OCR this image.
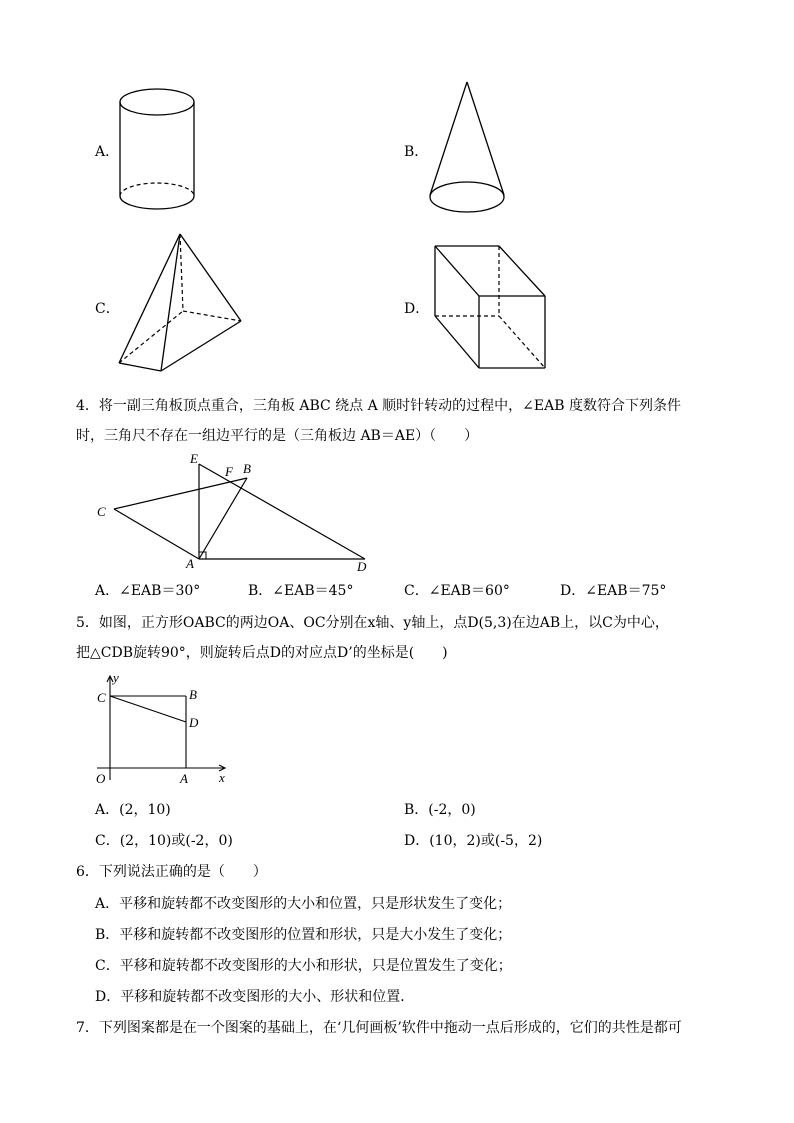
A．	B．
C．	D．
4．将一副三角板顶点重合，三角板 ABC 绕点 A 顺时针转动的过程中，∠EAB 度数符合下列条件
时，三角尺不存在一组边平行的是（三角板边 AB＝AE）（　　）
E
F B
C
A	D
A．∠EAB＝30°	B．∠EAB＝45°	C．∠EAB＝60°	D．∠EAB＝75°
5．如图，正方形OABC的两边OA、OC分别在x轴、y轴上，点D(5,3)在边AB上，以C为中心，
把△CDB旋转90°，则旋转后点D的对应点D’的坐标是(　　)
y
C	B
D
O	A x
A．(2，10)	B．(-2，0)
C．(2，10)或(-2，0)	D．(10，2)或(-5，2)
6．下列说法正确的是（　　）
A．平移和旋转都不改变图形的大小和位置，只是形状发生了变化；
B．平移和旋转都不改变图形的位置和形状，只是大小发生了变化；
C．平移和旋转都不改变图形的大小和形状，只是位置发生了变化；
D．平移和旋转都不改变图形的大小、形状和位置．
7．下列图案都是在一个图案的基础上，在‘几何画板’软件中拖动一点后形成的，它们的共性是都可
